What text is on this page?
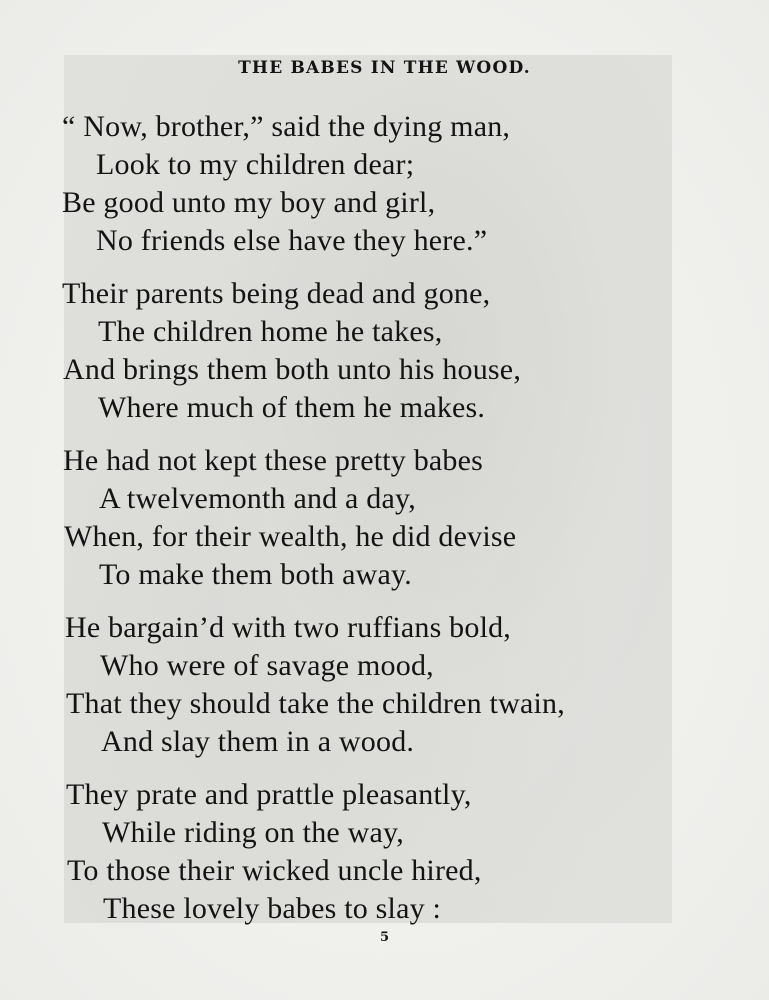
THE BABES IN THE WOOD.
“ Now, brother,” said the dying man,
Look to my children dear;
Be good unto my boy and girl,
No friends else have they here.”
Their parents being dead and gone,
The children home he takes,
And brings them both unto his house,
Where much of them he makes.
He had not kept these pretty babes
A twelvemonth and a day,
When, for their wealth, he did devise
To make them both away.
He bargain’d with two ruffians bold,
Who were of savage mood,
That they should take the children twain,
And slay them in a wood.
They prate and prattle pleasantly,
While riding on the way,
To those their wicked uncle hired,
These lovely babes to slay :
5
